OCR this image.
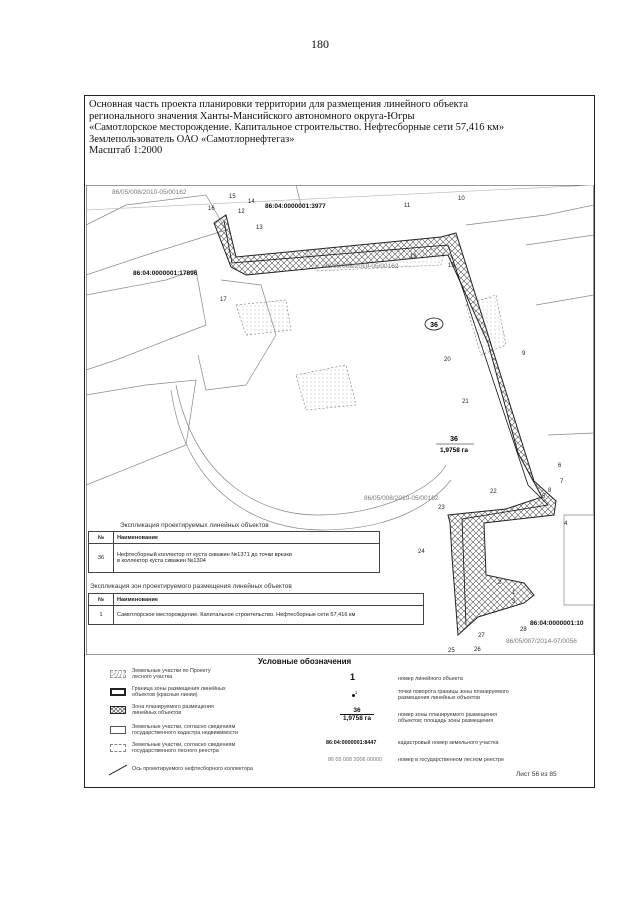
180
Основная часть проекта планировки территории для размещения линейного объекта
регионального значения Ханты-Мансийского автономного округа-Югры
«Самотлорское месторождение. Капитальное строительство. Нефтесборные сети 57,416 км»
Землепользователь ОАО «Самотлорнефтегаз»
Масштаб 1:2000
36
36
1,9758 га
86/05/008/2010-05/00162
86:04:0000001:3977
86:04:0000001:17896
86/05/008/2010-05/00162
86/05/008/2010-05/00162
86:04:0000001:10
86/05/007/2014-07/0056
1
2
3
4
5
6
7
8
9
10
11
12
13
14
15
16
17
18
19
20
21
22
23
24
25	26
27
28
Экспликация проектируемых линейных объектов
№	Наименование
36	Нефтесборный коллектор от куста скважин №1371 до точки врезки
в коллектор куста скважин №1304
Экспликация зон проектируемого размещения линейных объектов
№	Наименование
1	Самотлорское месторождение. Капитальное строительство. Нефтесборные сети 57,416 км
Условные обозначения
Земельные участки по Проекту
лесного участка
Граница зоны размещения линейных
объектов (красные линии)
Зона планируемого размещения
линейных объектов
Земельные участки, согласно сведениям
государственного кадастра недвижимости
Земельные участки, согласно сведениям
государственного лесного реестра
Ось проектируемого нефтесборного коллектора
1	номер линейного объекта
$^1$	точки поворота границы зоны планируемого
размещения линейных объектов
36
1,9758 га	номер зоны планируемого размещения
объектов; площадь зоны размещения
86:04:0000001:8447	кадастровый номер земельного участка
86 05 008 2006 00000	номер в государственном лесном реестре
Лист 56 из 85
